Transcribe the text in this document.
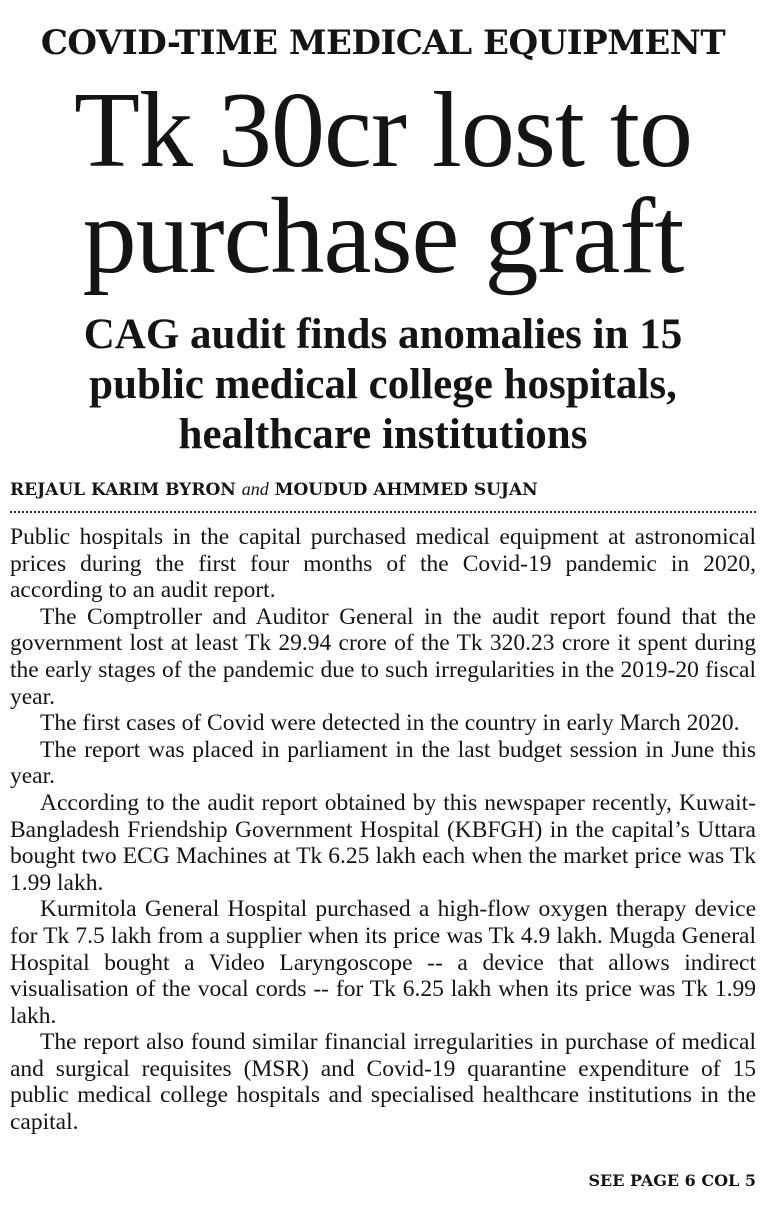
COVID-TIME MEDICAL EQUIPMENT
Tk 30cr lost to
purchase graft
CAG audit finds anomalies in 15
public medical college hospitals,
healthcare institutions
REJAUL KARIM BYRON and MOUDUD AHMMED SUJAN

Public hospitals in the capital purchased medical equipment at astronomical prices during the first four months of the Covid-19 pandemic in 2020, according to an audit report.

The Comptroller and Auditor General in the audit report found that the government lost at least Tk 29.94 crore of the Tk 320.23 crore it spent during the early stages of the pandemic due to such irregularities in the 2019-20 fiscal year.

The first cases of Covid were detected in the country in early March 2020.

The report was placed in parliament in the last budget session in June this year.

According to the audit report obtained by this newspaper recently, Kuwait-Bangladesh Friendship Government Hospital (KBFGH) in the capital’s Uttara bought two ECG Machines at Tk 6.25 lakh each when the market price was Tk 1.99 lakh.

Kurmitola General Hospital purchased a high-flow oxygen therapy device for Tk 7.5 lakh from a supplier when its price was Tk 4.9 lakh. Mugda General Hospital bought a Video Laryngoscope -- a device that allows indirect visualisation of the vocal cords -- for Tk 6.25 lakh when its price was Tk 1.99 lakh.

The report also found similar financial irregularities in purchase of medical and surgical requisites (MSR) and Covid-19 quarantine expenditure of 15 public medical college hospitals and specialised healthcare institutions in the capital.

SEE PAGE 6 COL 5
